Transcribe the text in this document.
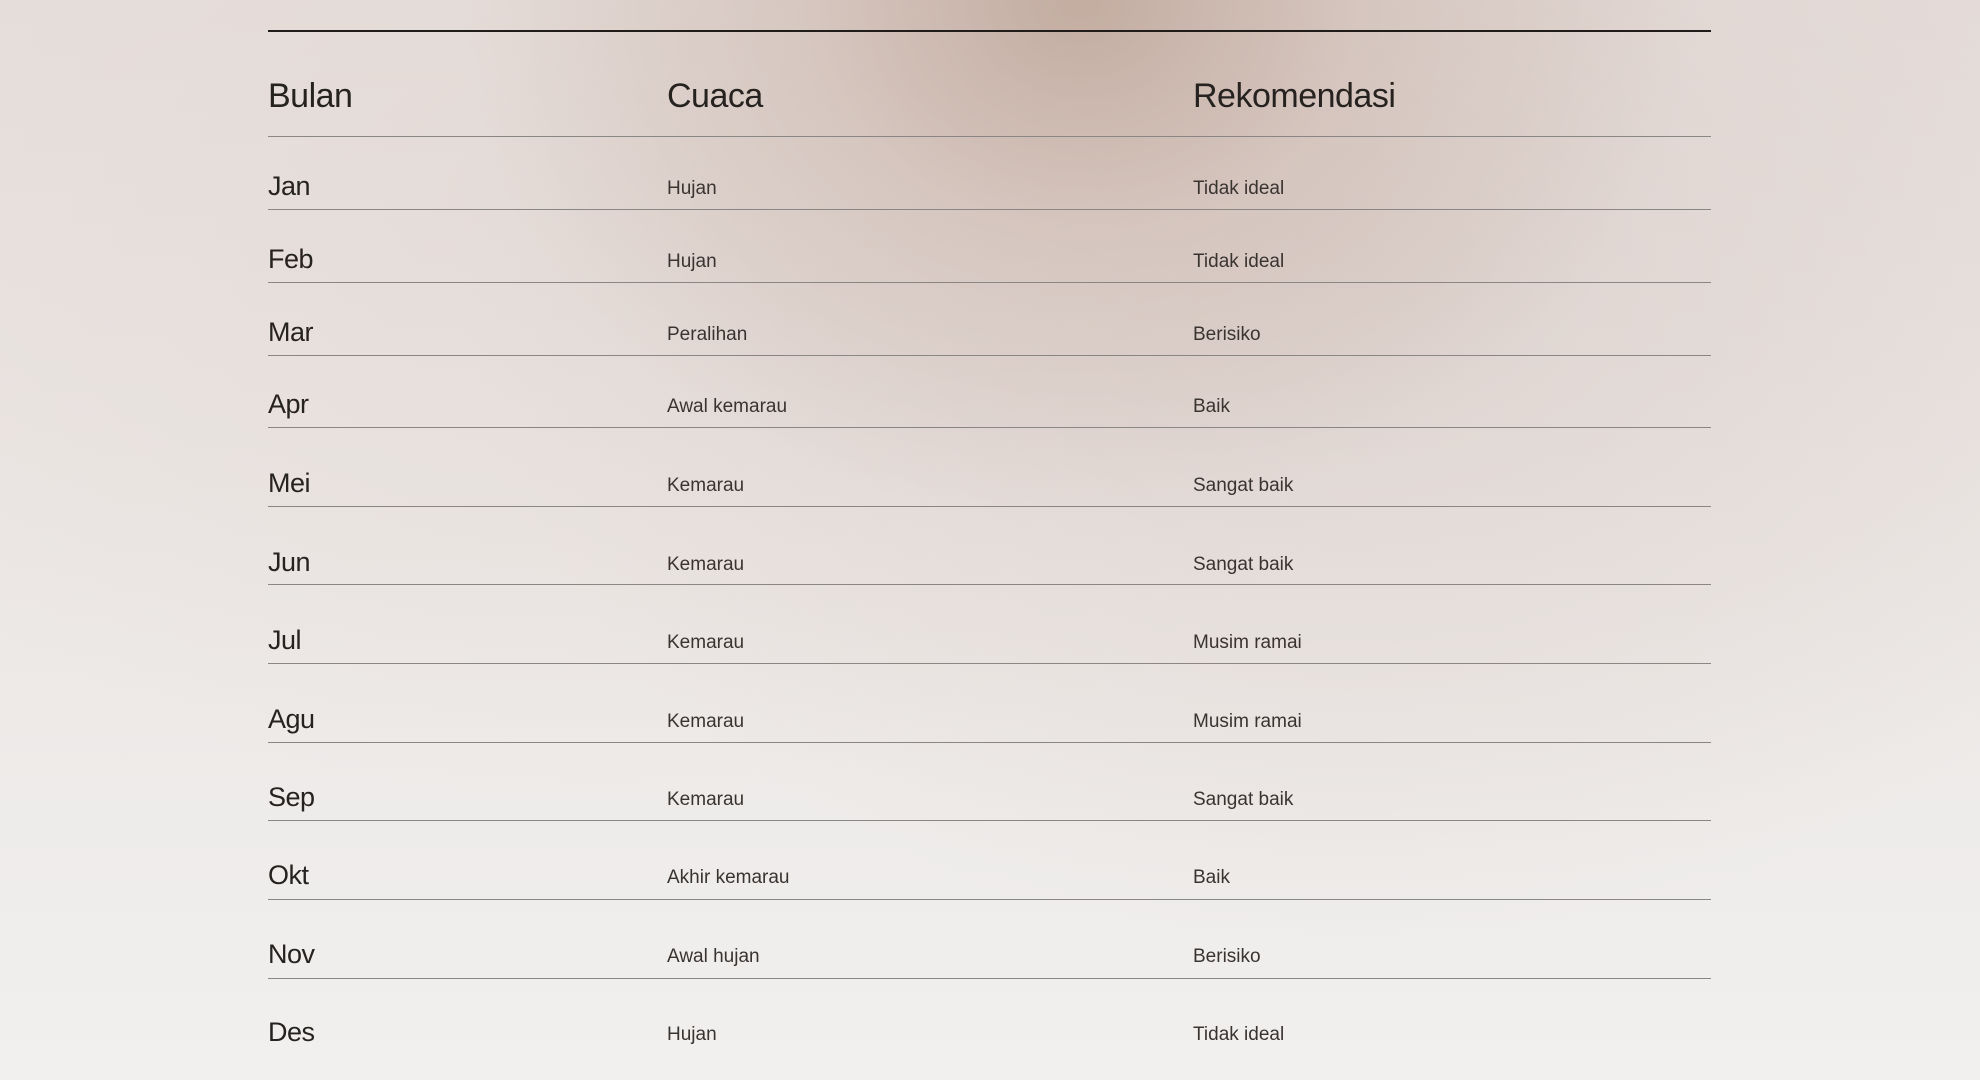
Bulan	Cuaca	Rekomendasi
Jan	Hujan	Tidak ideal
Feb	Hujan	Tidak ideal
Mar	Peralihan	Berisiko
Apr	Awal kemarau	Baik
Mei	Kemarau	Sangat baik
Jun	Kemarau	Sangat baik
Jul	Kemarau	Musim ramai
Agu	Kemarau	Musim ramai
Sep	Kemarau	Sangat baik
Okt	Akhir kemarau	Baik
Nov	Awal hujan	Berisiko
Des	Hujan	Tidak ideal
